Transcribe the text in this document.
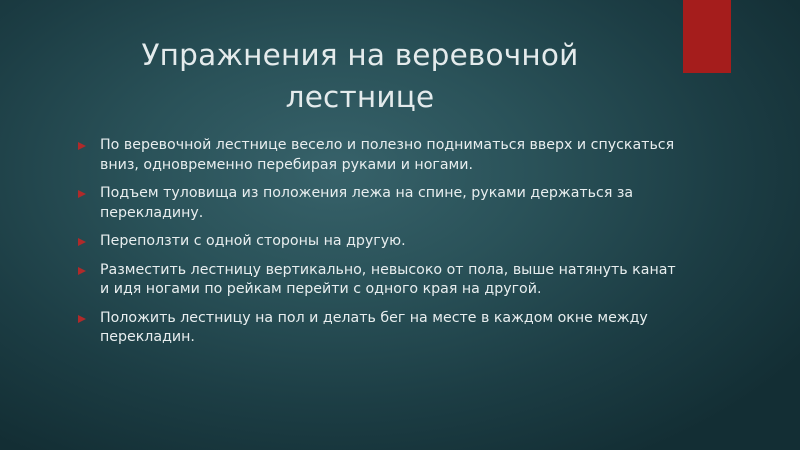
Упражнения на веревочной
лестнице
По веревочной лестнице весело и полезно подниматься вверх и спускаться вниз, одновременно перебирая руками и ногами.
Подъем туловища из положения лежа на спине, руками держаться за перекладину.
Переползти с одной стороны на другую.
Разместить лестницу вертикально, невысоко от пола, выше натянуть канат и идя ногами по рейкам перейти с одного края на другой.
Положить лестницу на пол и делать бег на месте в каждом окне между перекладин.
